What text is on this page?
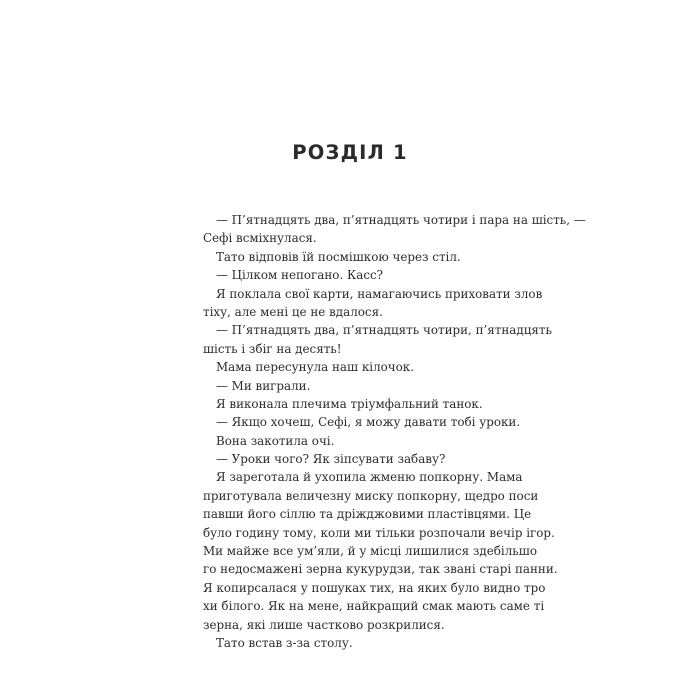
РОЗДІЛ 1
— П’ятнадцять два, п’ятнадцять чотири і пара на шість, —
Сефі всміхнулася.
Тато відповів їй посмішкою через стіл.
— Цілком непогано. Касс?
Я поклала свої карти, намагаючись приховати злов
тіху, але мені це не вдалося.
— П’ятнадцять два, п’ятнадцять чотири, п’ятнадцять
шість і збіг на десять!
Мама пересунула наш кілочок.
— Ми виграли.
Я виконала плечима тріумфальний танок.
— Якщо хочеш, Сефі, я можу давати тобі уроки.
Вона закотила очі.
— Уроки чого? Як зіпсувати забаву?
Я зареготала й ухопила жменю попкорну. Мама
приготувала величезну миску попкорну, щедро поси
павши його сіллю та дріжджовими пластівцями. Це
було годину тому, коли ми тільки розпочали вечір ігор.
Ми майже все ум’яли, й у місці лишилися здебільшо
го недосмажені зерна кукурудзи, так звані старі панни.
Я копирсалася у пошуках тих, на яких було видно тро
хи білого. Як на мене, найкращий смак мають саме ті
зерна, які лише частково розкрилися.
Тато встав з-за столу.
